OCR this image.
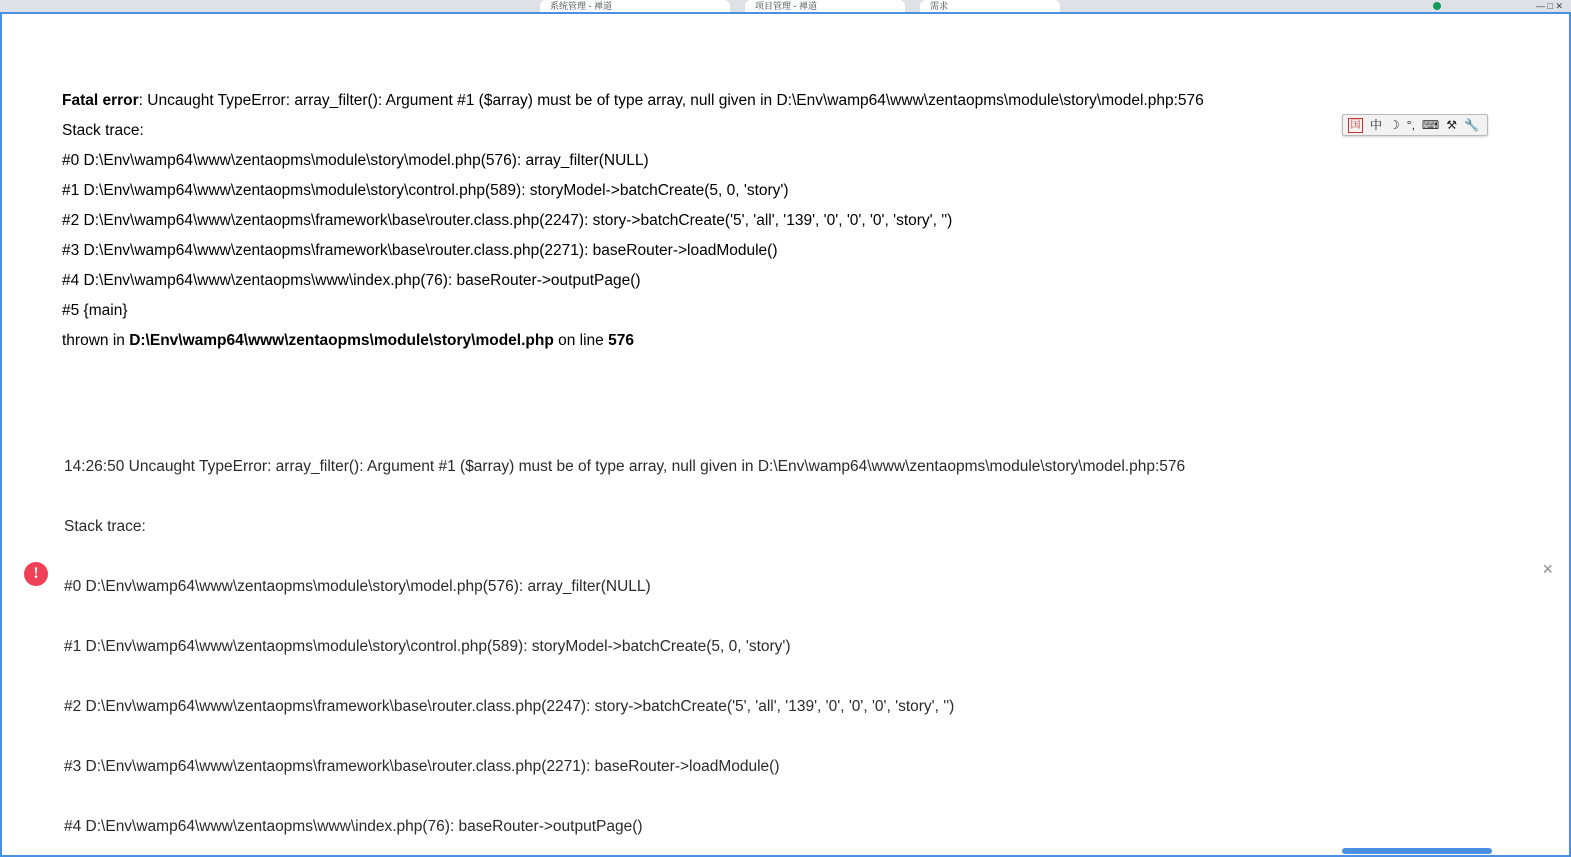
系统管理 - 禅道	项目管理 - 禅道	需求	— □ ✕
Fatal error: Uncaught TypeError: array_filter(): Argument #1 ($array) must be of type array, null given in D:\Env\wamp64\www\zentaopms\module\story\model.php:576
Stack trace:
#0 D:\Env\wamp64\www\zentaopms\module\story\model.php(576): array_filter(NULL)
#1 D:\Env\wamp64\www\zentaopms\module\story\control.php(589): storyModel->batchCreate(5, 0, 'story')
#2 D:\Env\wamp64\www\zentaopms\framework\base\router.class.php(2247): story->batchCreate('5', 'all', '139', '0', '0', '0', 'story', '')
#3 D:\Env\wamp64\www\zentaopms\framework\base\router.class.php(2271): baseRouter->loadModule()
#4 D:\Env\wamp64\www\zentaopms\www\index.php(76): baseRouter->outputPage()
#5 {main}
thrown in D:\Env\wamp64\www\zentaopms\module\story\model.php on line 576
国 中 ☽ °, ⌨ ⚒ 🔧
!	×
14:26:50 Uncaught TypeError: array_filter(): Argument #1 ($array) must be of type array, null given in D:\Env\wamp64\www\zentaopms\module\story\model.php:576
Stack trace:
#0 D:\Env\wamp64\www\zentaopms\module\story\model.php(576): array_filter(NULL)
#1 D:\Env\wamp64\www\zentaopms\module\story\control.php(589): storyModel->batchCreate(5, 0, 'story')
#2 D:\Env\wamp64\www\zentaopms\framework\base\router.class.php(2247): story->batchCreate('5', 'all', '139', '0', '0', '0', 'story', '')
#3 D:\Env\wamp64\www\zentaopms\framework\base\router.class.php(2271): baseRouter->loadModule()
#4 D:\Env\wamp64\www\zentaopms\www\index.php(76): baseRouter->outputPage()
